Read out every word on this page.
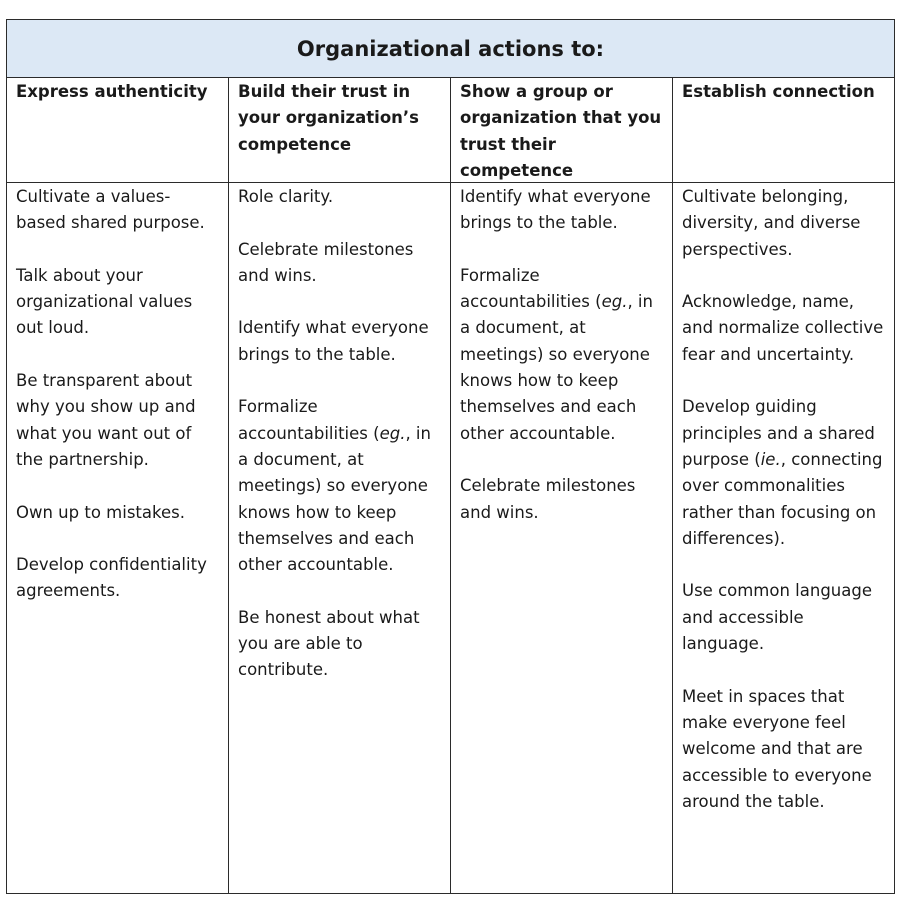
Organizational actions to:
Express authenticity	Build their trust in your organization’s competence
Show a group or organization that you trust their competence
Establish connection

Cultivate a values-based shared purpose.

Talk about your organizational values out loud.

Be transparent about why you show up and what you want out of the partnership.

Own up to mistakes.

Develop confidentiality agreements.

Role clarity.

Celebrate milestones and wins.

Identify what everyone brings to the table.

Formalize accountabilities (eg., in a document, at meetings) so everyone knows how to keep themselves and each other accountable.

Be honest about what you are able to contribute.

Identify what everyone brings to the table.

Formalize accountabilities (eg., in a document, at meetings) so everyone knows how to keep themselves and each other accountable.

Celebrate milestones and wins.

Cultivate belonging, diversity, and diverse perspectives.

Acknowledge, name, and normalize collective fear and uncertainty.

Develop guiding principles and a shared purpose (ie., connecting over commonalities rather than focusing on differences).

Use common language and accessible language.

Meet in spaces that make everyone feel welcome and that are accessible to everyone around the table.
